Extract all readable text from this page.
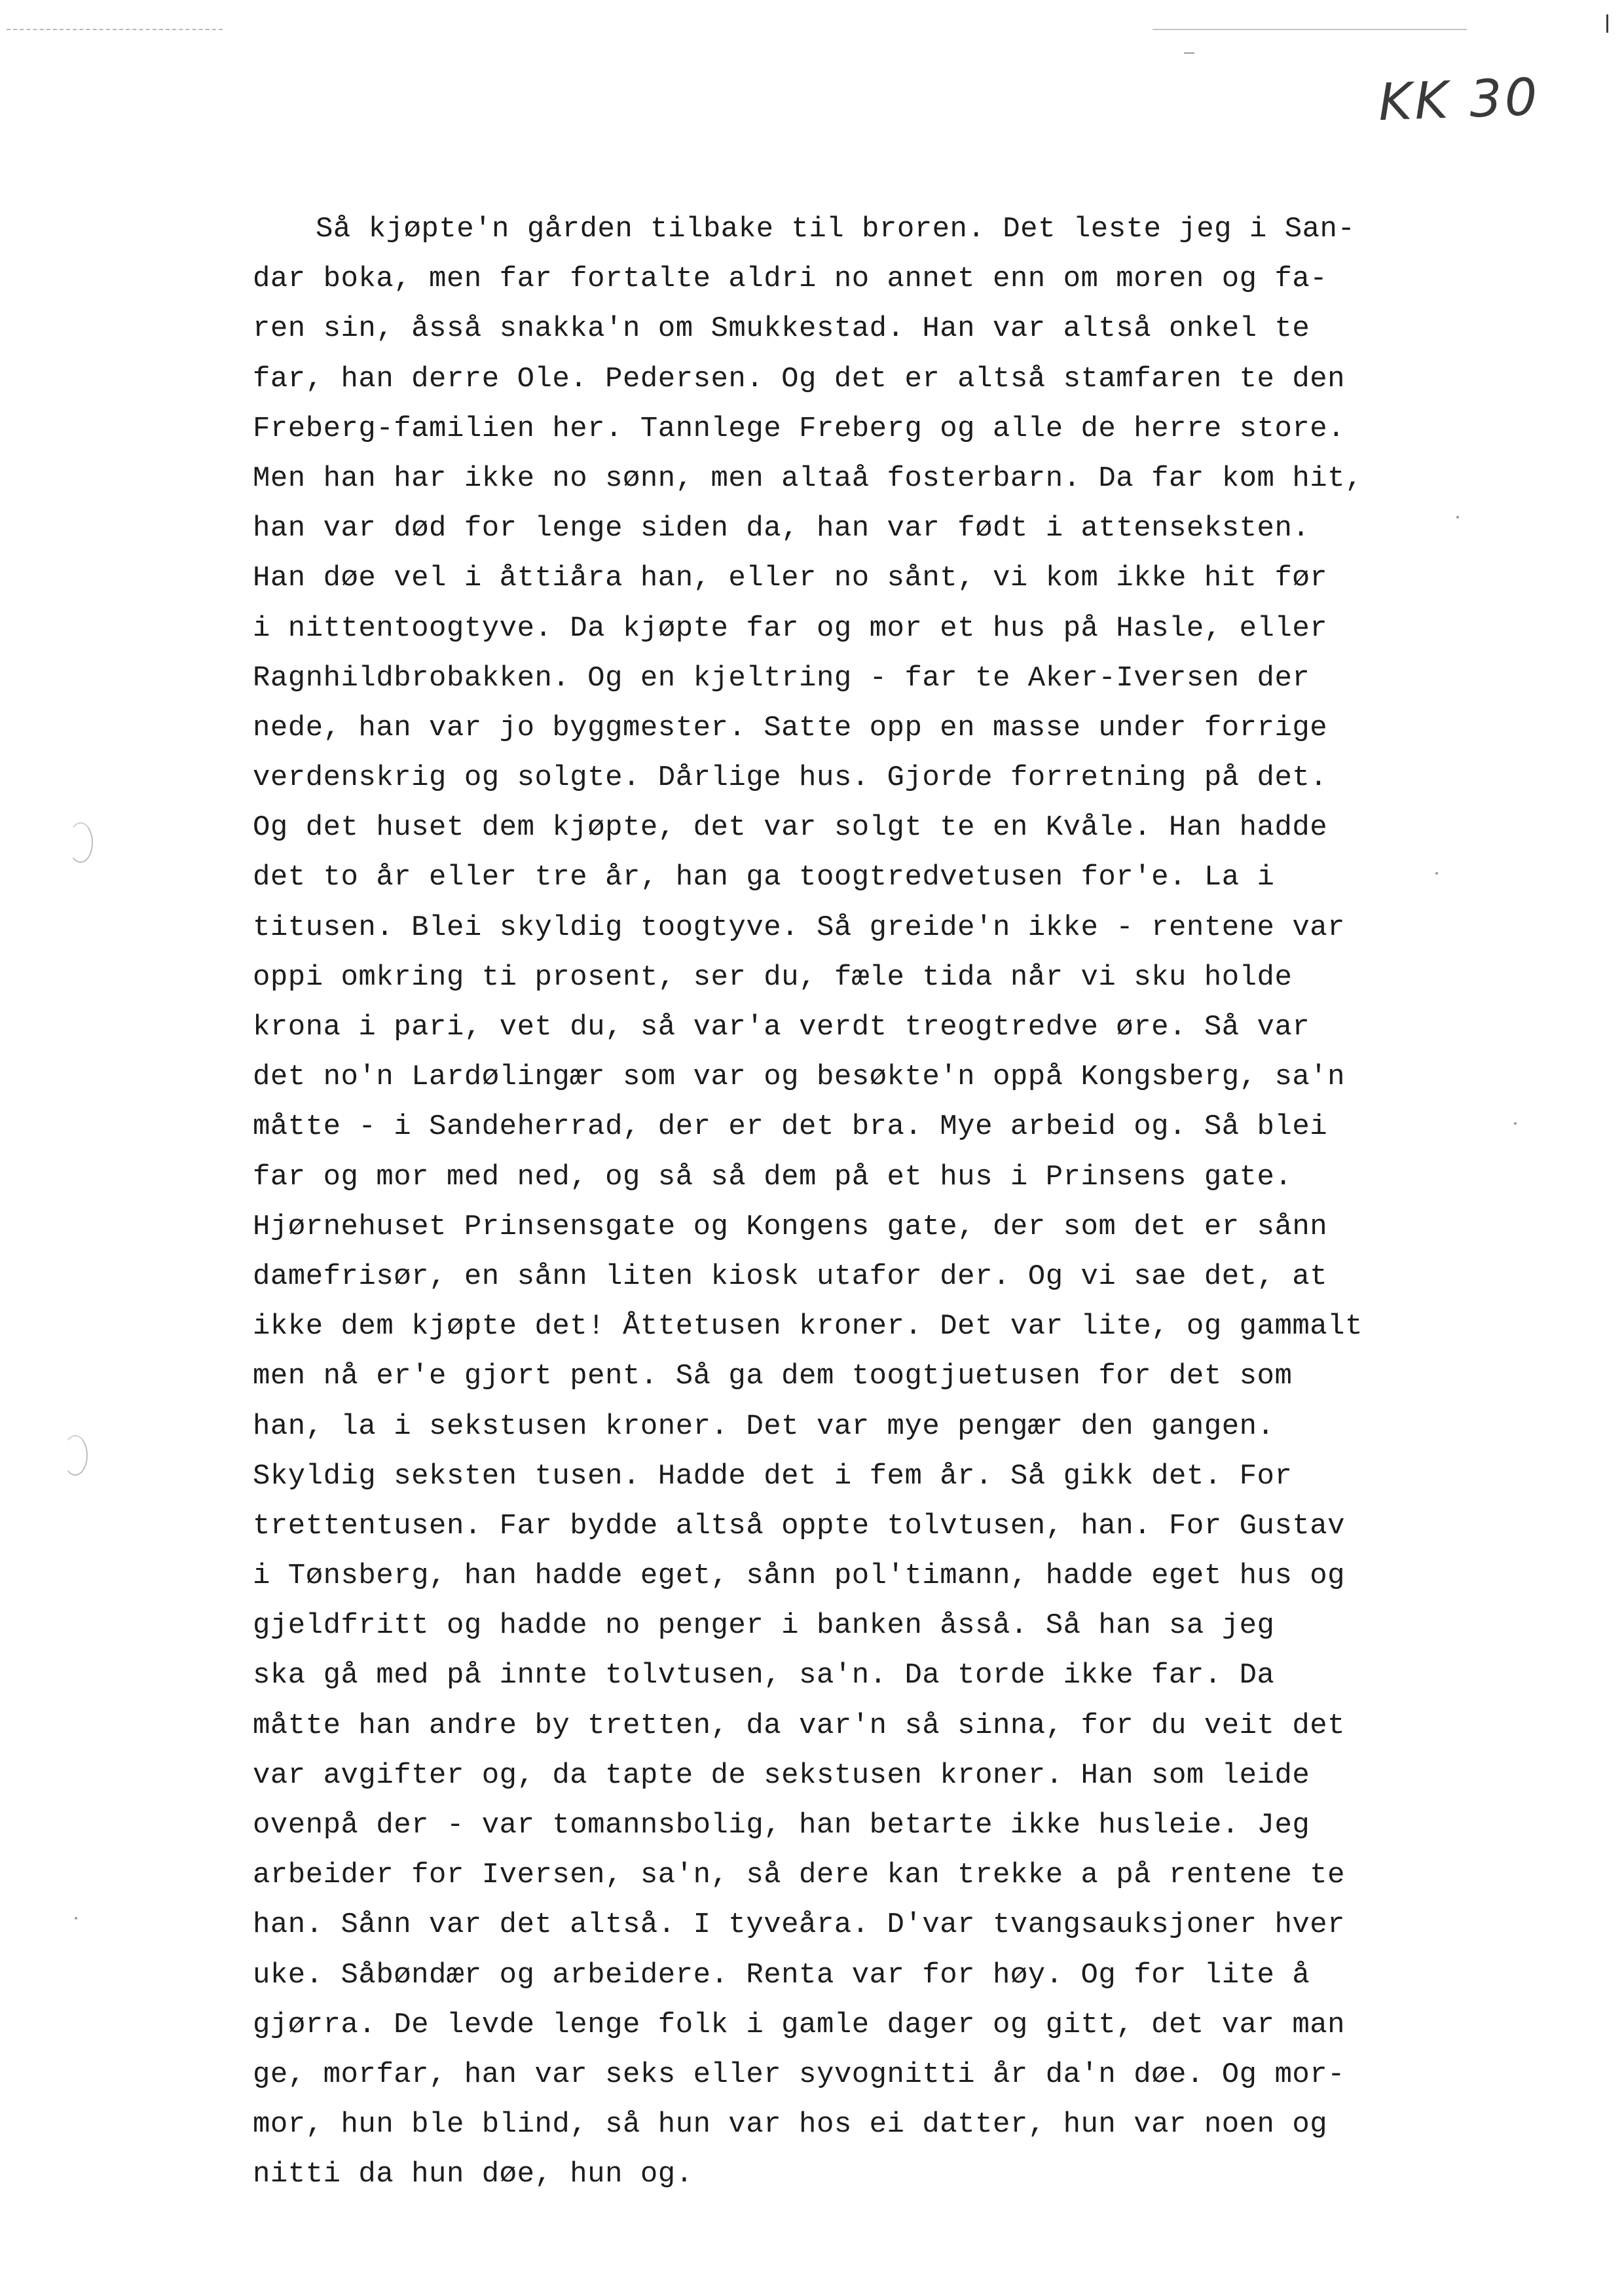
KK 30
Så kjøpte'n gården tilbake til broren. Det leste jeg i San-
dar boka, men far fortalte aldri no annet enn om moren og fa-
ren sin, åsså snakka'n om Smukkestad. Han var altså onkel te
far, han derre Ole. Pedersen. Og det er altså stamfaren te den
Freberg-familien her. Tannlege Freberg og alle de herre store.
Men han har ikke no sønn, men altaå fosterbarn. Da far kom hit,
han var død for lenge siden da, han var født i attenseksten.
Han døe vel i åttiåra han, eller no sånt, vi kom ikke hit før
i nittentoogtyve. Da kjøpte far og mor et hus på Hasle, eller
Ragnhildbrobakken. Og en kjeltring - far te Aker-Iversen der
nede, han var jo byggmester. Satte opp en masse under forrige
verdenskrig og solgte. Dårlige hus. Gjorde forretning på det.
Og det huset dem kjøpte, det var solgt te en Kvåle. Han hadde
det to år eller tre år, han ga toogtredvetusen for'e. La i
titusen. Blei skyldig toogtyve. Så greide'n ikke - rentene var
oppi omkring ti prosent, ser du, fæle tida når vi sku holde
krona i pari, vet du, så var'a verdt treogtredve øre. Så var
det no'n Lardølingær som var og besøkte'n oppå Kongsberg, sa'n
måtte - i Sandeherrad, der er det bra. Mye arbeid og. Så blei
far og mor med ned, og så så dem på et hus i Prinsens gate.
Hjørnehuset Prinsensgate og Kongens gate, der som det er sånn
damefrisør, en sånn liten kiosk utafor der. Og vi sae det, at
ikke dem kjøpte det! Åttetusen kroner. Det var lite, og gammalt
men nå er'e gjort pent. Så ga dem toogtjuetusen for det som
han, la i sekstusen kroner. Det var mye pengær den gangen.
Skyldig seksten tusen. Hadde det i fem år. Så gikk det. For
trettentusen. Far bydde altså oppte tolvtusen, han. For Gustav
i Tønsberg, han hadde eget, sånn pol'timann, hadde eget hus og
gjeldfritt og hadde no penger i banken åsså. Så han sa jeg
ska gå med på innte tolvtusen, sa'n. Da torde ikke far. Da
måtte han andre by tretten, da var'n så sinna, for du veit det
var avgifter og, da tapte de sekstusen kroner. Han som leide
ovenpå der - var tomannsbolig, han betarte ikke husleie. Jeg
arbeider for Iversen, sa'n, så dere kan trekke a på rentene te
han. Sånn var det altså. I tyveåra. D'var tvangsauksjoner hver
uke. Såbøndær og arbeidere. Renta var for høy. Og for lite å
gjørra. De levde lenge folk i gamle dager og gitt, det var man
ge, morfar, han var seks eller syvognitti år da'n døe. Og mor-
mor, hun ble blind, så hun var hos ei datter, hun var noen og
nitti da hun døe, hun og.
